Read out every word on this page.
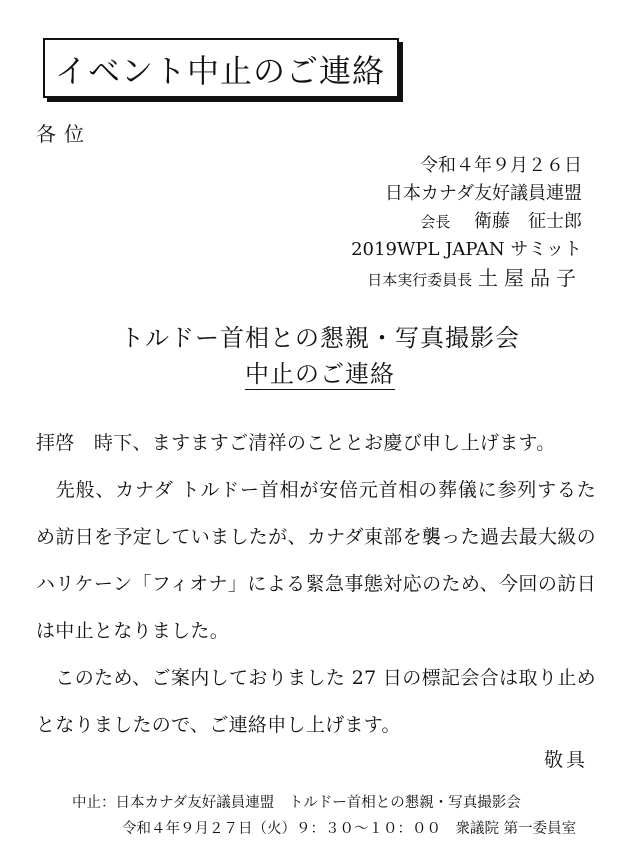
イベント中止のご連絡
各位
令和４年９月２６日
日本カナダ友好議員連盟
会長　 衛藤　征士郎
2019WPL JAPAN サミット
日本実行委員長 土屋品子
トルドー首相との懇親・写真撮影会
中止のご連絡

拝啓　時下、ますますご清祥のこととお慶び申し上げます。

　先般、カナダ トルドー首相が安倍元首相の葬儀に参列するため訪日を予定していましたが、カナダ東部を襲った過去最大級のハリケーン「フィオナ」による緊急事態対応のため、今回の訪日は中止となりました。

　このため、ご案内しておりました 27 日の標記会合は取り止めとなりましたので、ご連絡申し上げます。

敬具
中止：日本カナダ友好議員連盟　トルドー首相との懇親・写真撮影会
令和４年９月２７日（火）９：３０〜１０：００　衆議院 第一委員室
